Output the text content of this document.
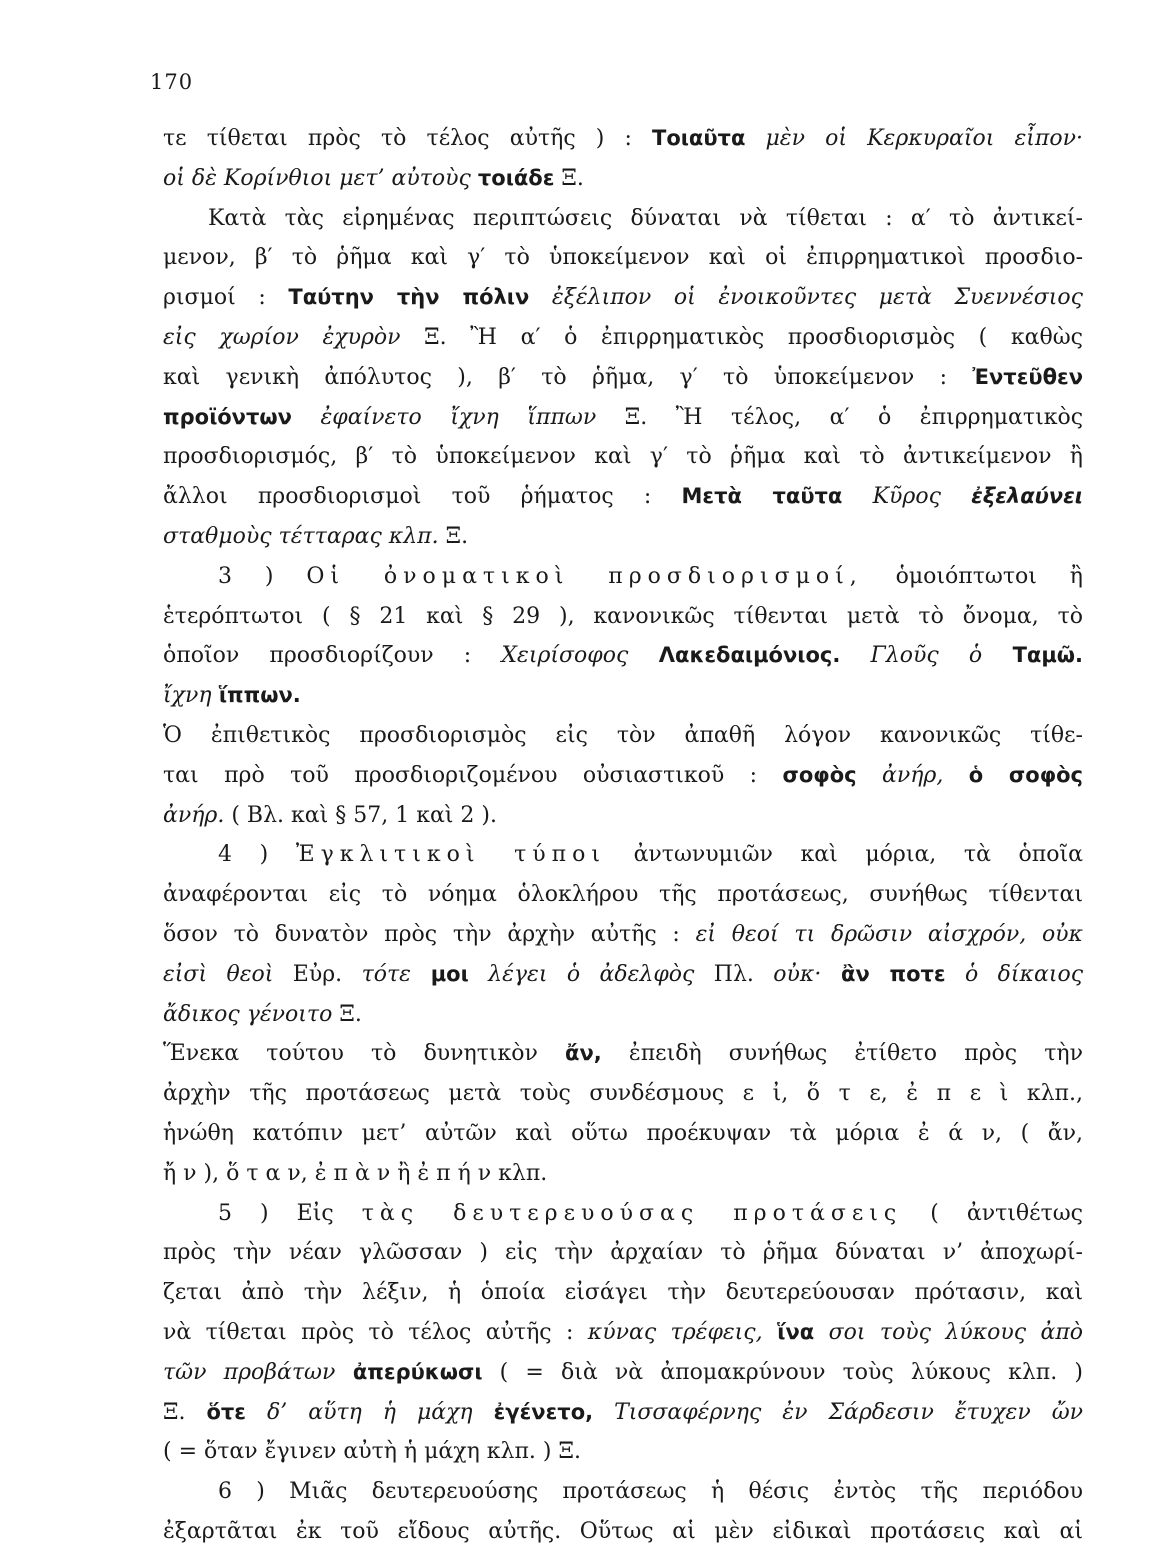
170
τε τίθεται πρὸς τὸ τέλος αὐτῆς ) : Τοιαῦτα μὲν οἱ Κερκυραῖοι εἶπον·
οἱ δὲ Κορίνθιοι μετ’ αὐτοὺς τοιάδε Ξ.
Κατὰ τὰς εἰρημένας περιπτώσεις δύναται νὰ τίθεται : α′ τὸ ἀντικεί-
μενον, β′ τὸ ῥῆμα καὶ γ′ τὸ ὑποκείμενον καὶ οἱ ἐπιρρηματικοὶ προσδιο-
ρισμοί : Ταύτην τὴν πόλιν ἐξέλιπον οἱ ἐνοικοῦντες μετὰ Συεννέσιος
εἰς χωρίον ἐχυρὸν Ξ. Ἢ α′ ὁ ἐπιρρηματικὸς προσδιορισμὸς ( καθὼς
καὶ γενικὴ ἀπόλυτος ), β′ τὸ ῥῆμα, γ′ τὸ ὑποκείμενον : Ἐντεῦθεν
προϊόντων ἐφαίνετο ἴχνη ἵππων Ξ. Ἢ τέλος, α′ ὁ ἐπιρρηματικὸς
προσδιορισμός, β′ τὸ ὑποκείμενον καὶ γ′ τὸ ῥῆμα καὶ τὸ ἀντικείμενον ἢ
ἄλλοι προσδιορισμοὶ τοῦ ῥήματος : Μετὰ ταῦτα Κῦρος ἐξελαύνει
σταθμοὺς τέτταρας κλπ. Ξ.
3 ) Οἱ ὀνοματικοὶ προσδιορισμοί, ὁμοιόπτωτοι ἢ
ἑτερόπτωτοι ( § 21 καὶ § 29 ), κανονικῶς τίθενται μετὰ τὸ ὄνομα, τὸ
ὁποῖον προσδιορίζουν : Χειρίσοφος Λακεδαιμόνιος. Γλοῦς ὁ Ταμῶ.
ἴχνη ἵππων.
Ὁ ἐπιθετικὸς προσδιορισμὸς εἰς τὸν ἀπαθῆ λόγον κανονικῶς τίθε-
ται πρὸ τοῦ προσδιοριζομένου οὐσιαστικοῦ : σοφὸς ἀνήρ, ὁ σοφὸς
ἀνήρ. ( Βλ. καὶ § 57, 1 καὶ 2 ).
4 ) Ἐγκλιτικοὶ τύποι ἀντωνυμιῶν καὶ μόρια, τὰ ὁποῖα
ἀναφέρονται εἰς τὸ νόημα ὁλοκλήρου τῆς προτάσεως, συνήθως τίθενται
ὅσον τὸ δυνατὸν πρὸς τὴν ἀρχὴν αὐτῆς : εἰ θεοί τι δρῶσιν αἰσχρόν, οὐκ
εἰσὶ θεοὶ Εὐρ. τότε μοι λέγει ὁ ἀδελφὸς Πλ. οὐκ· ἂν ποτε ὁ δίκαιος
ἄδικος γένοιτο Ξ.
Ἕνεκα τούτου τὸ δυνητικὸν ἄν, ἐπειδὴ συνήθως ἐτίθετο πρὸς τὴν
ἀρχὴν τῆς προτάσεως μετὰ τοὺς συνδέσμους ε ἰ, ὅ τ ε, ἐ π ε ὶ κλπ.,
ἡνώθη κατόπιν μετ’ αὐτῶν καὶ οὕτω προέκυψαν τὰ μόρια ἐ ά ν, ( ἄν,
ἤ ν ), ὅ τ α ν, ἐ π ὰ ν ἢ ἐ π ή ν κλπ.
5 ) Εἰς τὰς δευτερευούσας προτάσεις ( ἀντιθέτως
πρὸς τὴν νέαν γλῶσσαν ) εἰς τὴν ἀρχαίαν τὸ ῥῆμα δύναται ν’ ἀποχωρί-
ζεται ἀπὸ τὴν λέξιν, ἡ ὁποία εἰσάγει τὴν δευτερεύουσαν πρότασιν, καὶ
νὰ τίθεται πρὸς τὸ τέλος αὐτῆς : κύνας τρέφεις, ἵνα σοι τοὺς λύκους ἀπὸ
τῶν προβάτων ἀπερύκωσι ( = διὰ νὰ ἀπομακρύνουν τοὺς λύκους κλπ. )
Ξ. ὅτε δ’ αὕτη ἡ μάχη ἐγένετο, Τισσαφέρνης ἐν Σάρδεσιν ἔτυχεν ὤν
( = ὅταν ἔγινεν αὐτὴ ἡ μάχη κλπ. ) Ξ.
6 ) Μιᾶς δευτερευούσης προτάσεως ἡ θέσις ἐντὸς τῆς περιόδου
ἐξαρτᾶται ἐκ τοῦ εἴδους αὐτῆς. Οὕτως αἱ μὲν εἰδικαὶ προτάσεις καὶ αἱ
